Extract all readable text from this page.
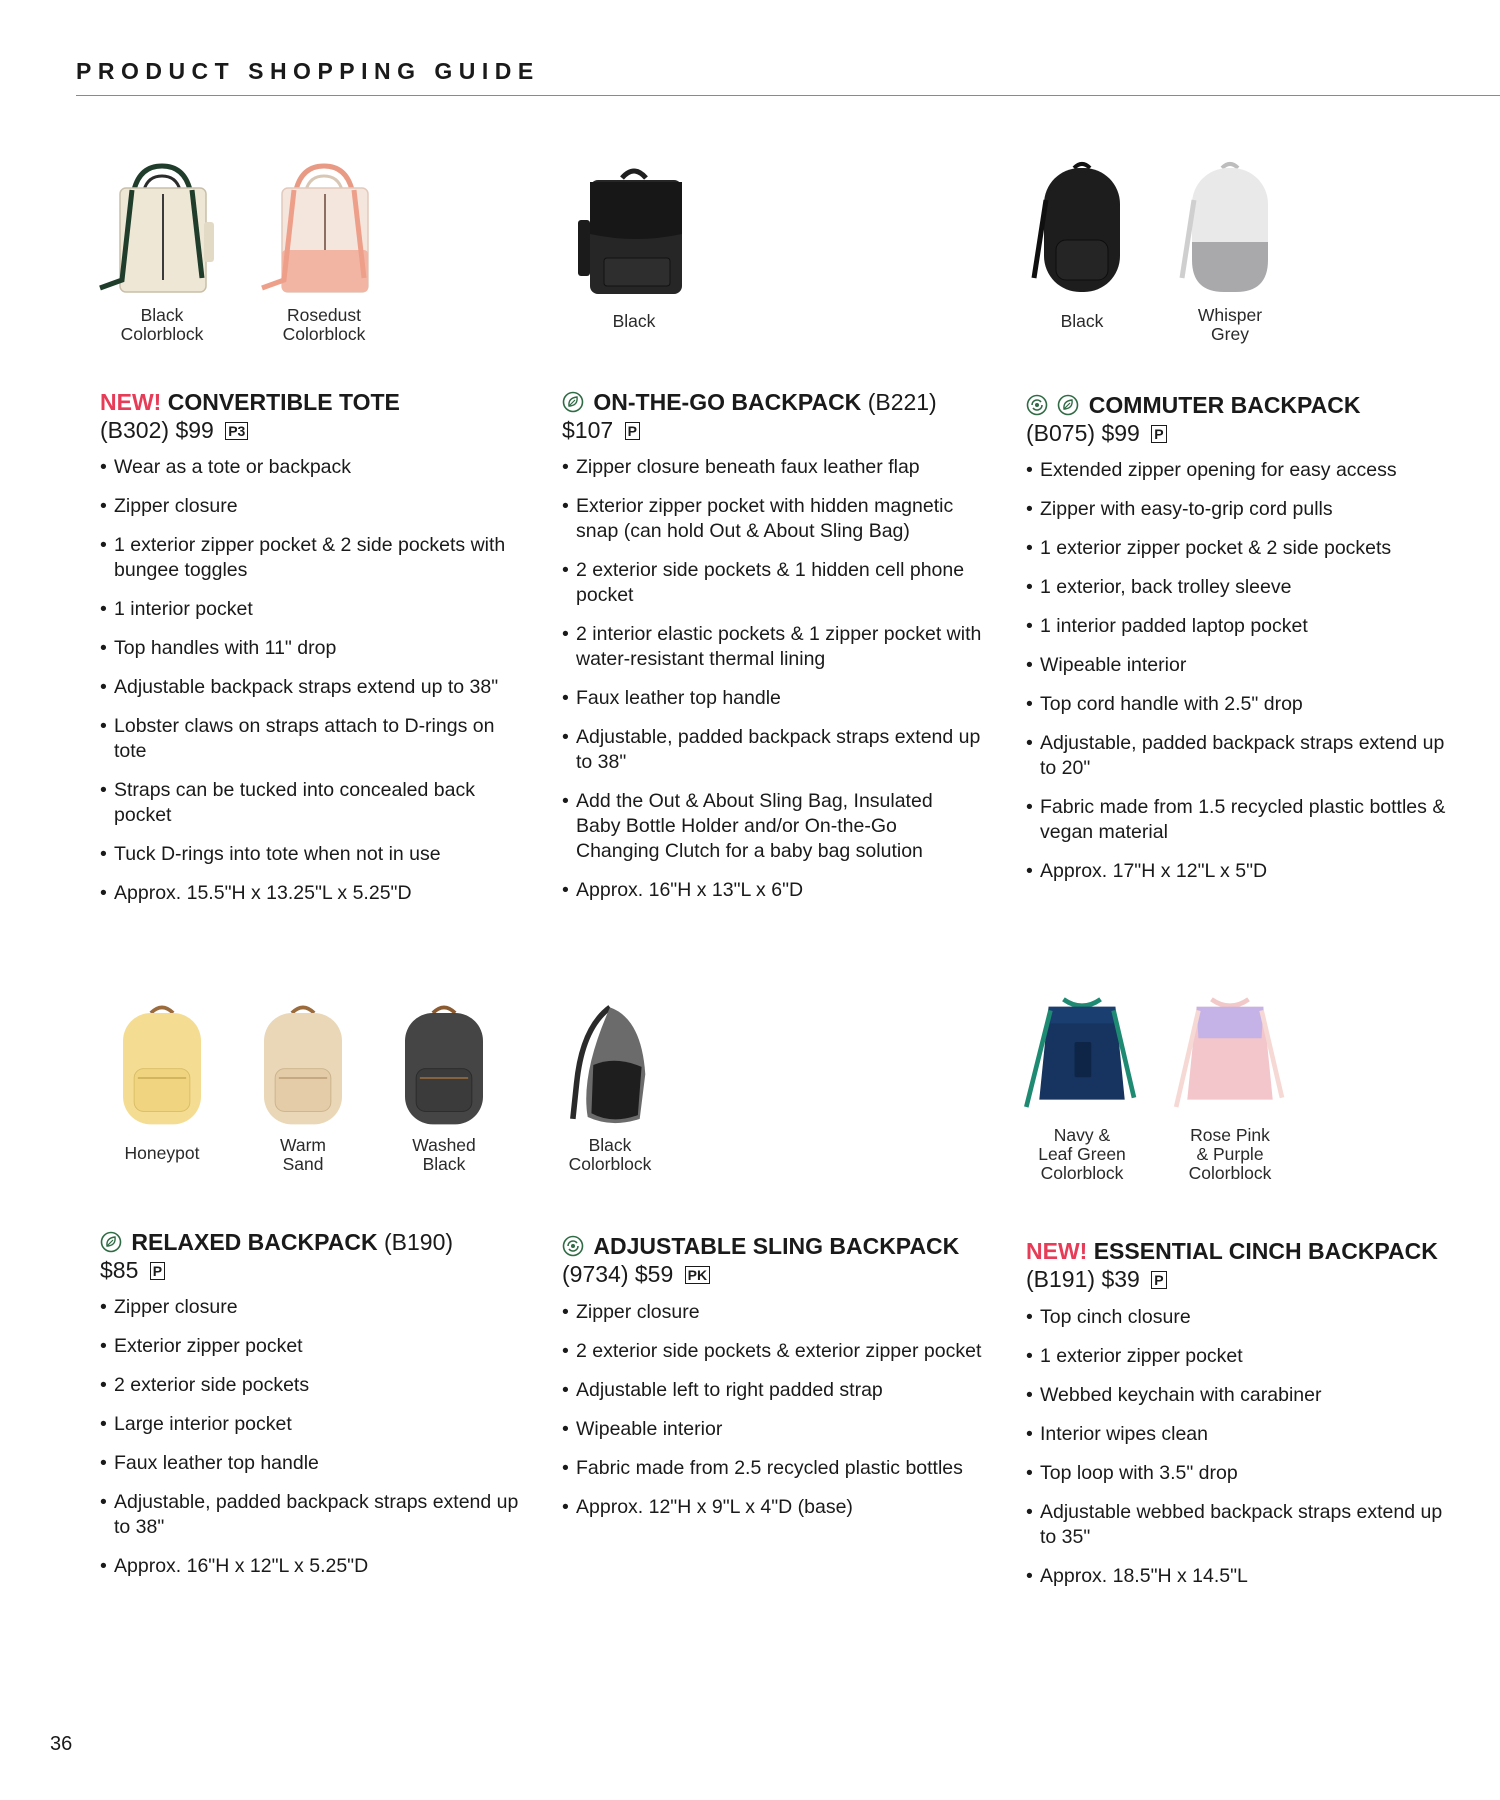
PRODUCT SHOPPING GUIDE
Black
Colorblock
Rosedust
Colorblock
NEW! CONVERTIBLE TOTE
(B302) $99 P3
• Wear as a tote or backpack
• Zipper closure
• 1 exterior zipper pocket & 2 side pockets with bungee toggles
• 1 interior pocket
• Top handles with 11" drop
• Adjustable backpack straps extend up to 38"
• Lobster claws on straps attach to D-rings on tote
• Straps can be tucked into concealed back pocket
• Tuck D-rings into tote when not in use
• Approx. 15.5"H x 13.25"L x 5.25"D
Black
ON-THE-GO BACKPACK (B221)
$107 P
• Zipper closure beneath faux leather flap
• Exterior zipper pocket with hidden magnetic snap (can hold Out & About Sling Bag)
• 2 exterior side pockets & 1 hidden cell phone pocket
• 2 interior elastic pockets & 1 zipper pocket with water-resistant thermal lining
• Faux leather top handle
• Adjustable, padded backpack straps extend up to 38"
• Add the Out & About Sling Bag, Insulated Baby Bottle Holder and/or On-the-Go Changing Clutch for a baby bag solution
• Approx. 16"H x 13"L x 6"D
Black	Whisper
Grey
COMMUTER BACKPACK
(B075) $99 P
• Extended zipper opening for easy access
• Zipper with easy-to-grip cord pulls
• 1 exterior zipper pocket & 2 side pockets
• 1 exterior, back trolley sleeve
• 1 interior padded laptop pocket
• Wipeable interior
• Top cord handle with 2.5" drop
• Adjustable, padded backpack straps extend up to 20"
• Fabric made from 1.5 recycled plastic bottles & vegan material
• Approx. 17"H x 12"L x 5"D
Honeypot	Warm
Sand
Washed
Black
RELAXED BACKPACK (B190)
$85 P
• Zipper closure
• Exterior zipper pocket
• 2 exterior side pockets
• Large interior pocket
• Faux leather top handle
• Adjustable, padded backpack straps extend up to 38"
• Approx. 16"H x 12"L x 5.25"D
Black
Colorblock
ADJUSTABLE SLING BACKPACK (9734) $59 PK
• Zipper closure
• 2 exterior side pockets & exterior zipper pocket
• Adjustable left to right padded strap
• Wipeable interior
• Fabric made from 2.5 recycled plastic bottles
• Approx. 12"H x 9"L x 4"D (base)
Navy &
Leaf Green
Colorblock
Rose Pink
& Purple
Colorblock
NEW! ESSENTIAL CINCH BACKPACK
(B191) $39 P
• Top cinch closure
• 1 exterior zipper pocket
• Webbed keychain with carabiner
• Interior wipes clean
• Top loop with 3.5" drop
• Adjustable webbed backpack straps extend up to 35"
• Approx. 18.5"H x 14.5"L
36
